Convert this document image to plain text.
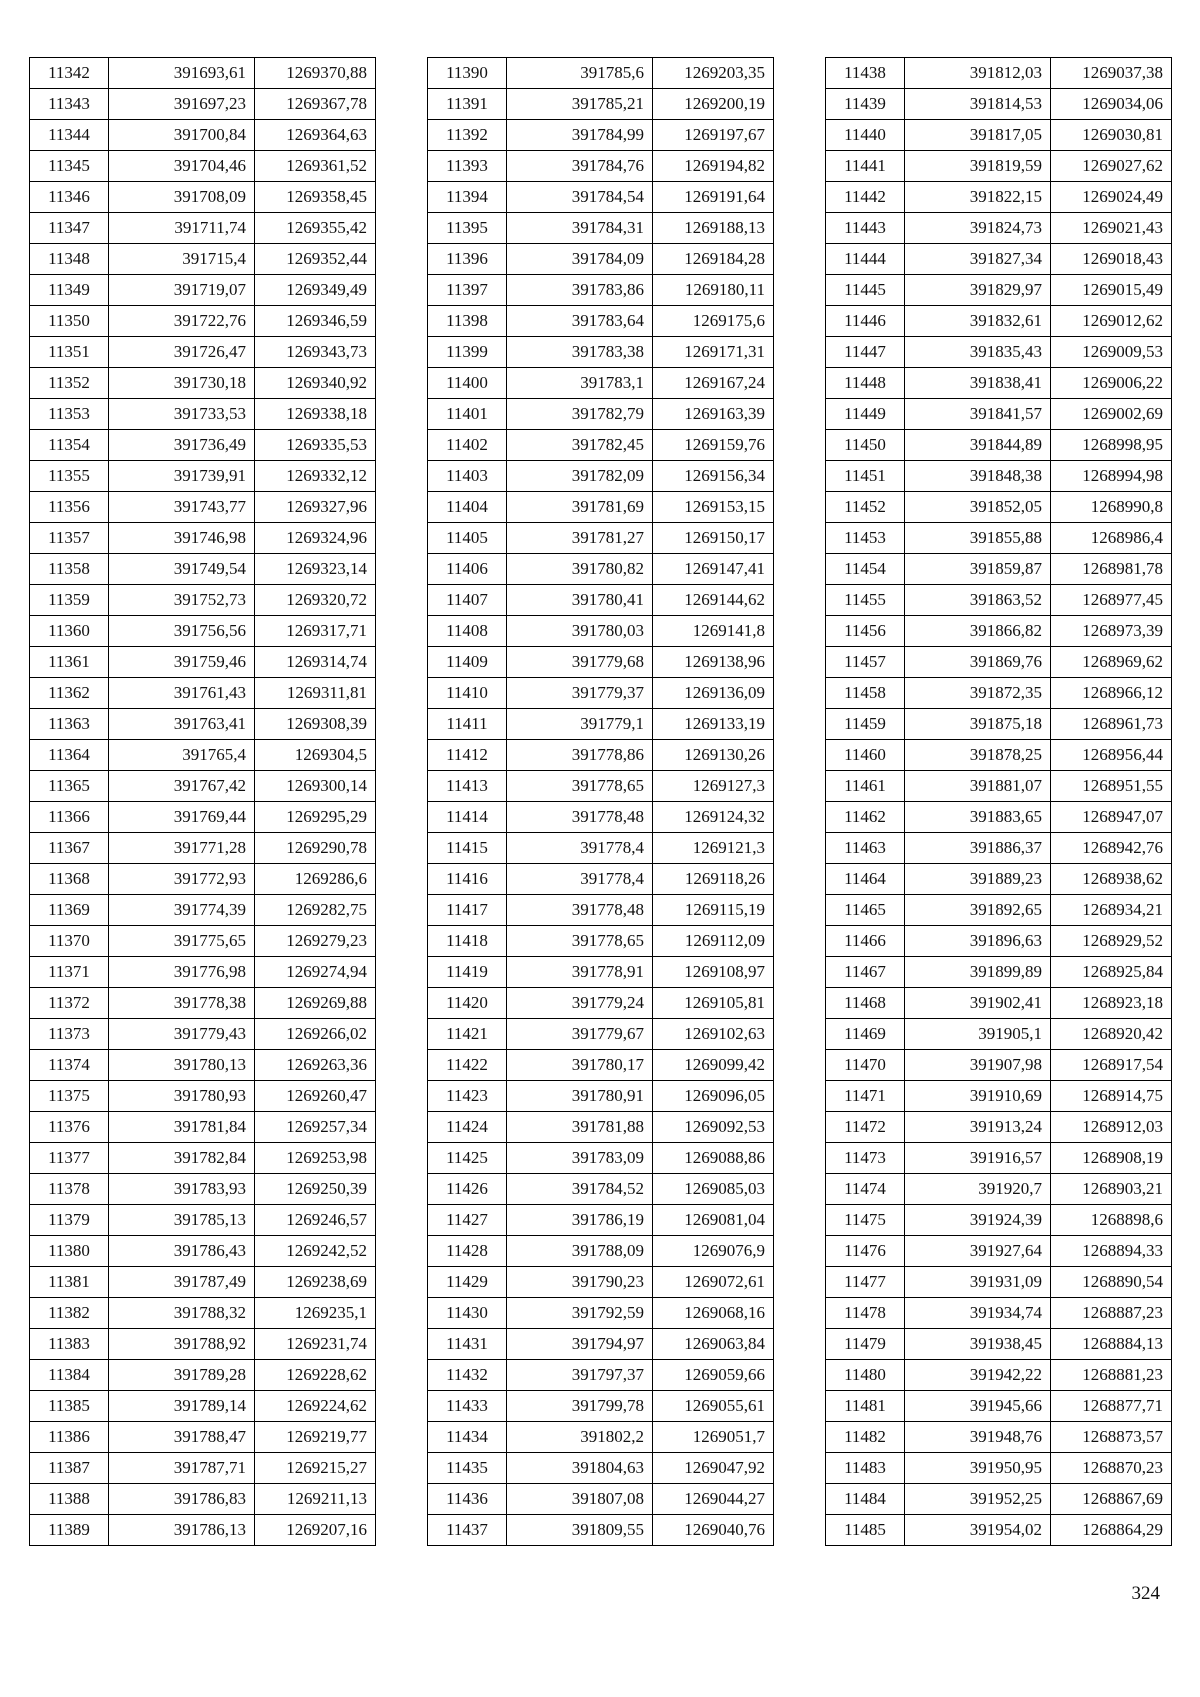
11342	391693,61	1269370,88
11343	391697,23	1269367,78
11344	391700,84	1269364,63
11345	391704,46	1269361,52
11346	391708,09	1269358,45
11347	391711,74	1269355,42
11348	391715,4	1269352,44
11349	391719,07	1269349,49
11350	391722,76	1269346,59
11351	391726,47	1269343,73
11352	391730,18	1269340,92
11353	391733,53	1269338,18
11354	391736,49	1269335,53
11355	391739,91	1269332,12
11356	391743,77	1269327,96
11357	391746,98	1269324,96
11358	391749,54	1269323,14
11359	391752,73	1269320,72
11360	391756,56	1269317,71
11361	391759,46	1269314,74
11362	391761,43	1269311,81
11363	391763,41	1269308,39
11364	391765,4	1269304,5
11365	391767,42	1269300,14
11366	391769,44	1269295,29
11367	391771,28	1269290,78
11368	391772,93	1269286,6
11369	391774,39	1269282,75
11370	391775,65	1269279,23
11371	391776,98	1269274,94
11372	391778,38	1269269,88
11373	391779,43	1269266,02
11374	391780,13	1269263,36
11375	391780,93	1269260,47
11376	391781,84	1269257,34
11377	391782,84	1269253,98
11378	391783,93	1269250,39
11379	391785,13	1269246,57
11380	391786,43	1269242,52
11381	391787,49	1269238,69
11382	391788,32	1269235,1
11383	391788,92	1269231,74
11384	391789,28	1269228,62
11385	391789,14	1269224,62
11386	391788,47	1269219,77
11387	391787,71	1269215,27
11388	391786,83	1269211,13
11389	391786,13	1269207,16
11390	391785,6	1269203,35
11391	391785,21	1269200,19
11392	391784,99	1269197,67
11393	391784,76	1269194,82
11394	391784,54	1269191,64
11395	391784,31	1269188,13
11396	391784,09	1269184,28
11397	391783,86	1269180,11
11398	391783,64	1269175,6
11399	391783,38	1269171,31
11400	391783,1	1269167,24
11401	391782,79	1269163,39
11402	391782,45	1269159,76
11403	391782,09	1269156,34
11404	391781,69	1269153,15
11405	391781,27	1269150,17
11406	391780,82	1269147,41
11407	391780,41	1269144,62
11408	391780,03	1269141,8
11409	391779,68	1269138,96
11410	391779,37	1269136,09
11411	391779,1	1269133,19
11412	391778,86	1269130,26
11413	391778,65	1269127,3
11414	391778,48	1269124,32
11415	391778,4	1269121,3
11416	391778,4	1269118,26
11417	391778,48	1269115,19
11418	391778,65	1269112,09
11419	391778,91	1269108,97
11420	391779,24	1269105,81
11421	391779,67	1269102,63
11422	391780,17	1269099,42
11423	391780,91	1269096,05
11424	391781,88	1269092,53
11425	391783,09	1269088,86
11426	391784,52	1269085,03
11427	391786,19	1269081,04
11428	391788,09	1269076,9
11429	391790,23	1269072,61
11430	391792,59	1269068,16
11431	391794,97	1269063,84
11432	391797,37	1269059,66
11433	391799,78	1269055,61
11434	391802,2	1269051,7
11435	391804,63	1269047,92
11436	391807,08	1269044,27
11437	391809,55	1269040,76
11438	391812,03	1269037,38
11439	391814,53	1269034,06
11440	391817,05	1269030,81
11441	391819,59	1269027,62
11442	391822,15	1269024,49
11443	391824,73	1269021,43
11444	391827,34	1269018,43
11445	391829,97	1269015,49
11446	391832,61	1269012,62
11447	391835,43	1269009,53
11448	391838,41	1269006,22
11449	391841,57	1269002,69
11450	391844,89	1268998,95
11451	391848,38	1268994,98
11452	391852,05	1268990,8
11453	391855,88	1268986,4
11454	391859,87	1268981,78
11455	391863,52	1268977,45
11456	391866,82	1268973,39
11457	391869,76	1268969,62
11458	391872,35	1268966,12
11459	391875,18	1268961,73
11460	391878,25	1268956,44
11461	391881,07	1268951,55
11462	391883,65	1268947,07
11463	391886,37	1268942,76
11464	391889,23	1268938,62
11465	391892,65	1268934,21
11466	391896,63	1268929,52
11467	391899,89	1268925,84
11468	391902,41	1268923,18
11469	391905,1	1268920,42
11470	391907,98	1268917,54
11471	391910,69	1268914,75
11472	391913,24	1268912,03
11473	391916,57	1268908,19
11474	391920,7	1268903,21
11475	391924,39	1268898,6
11476	391927,64	1268894,33
11477	391931,09	1268890,54
11478	391934,74	1268887,23
11479	391938,45	1268884,13
11480	391942,22	1268881,23
11481	391945,66	1268877,71
11482	391948,76	1268873,57
11483	391950,95	1268870,23
11484	391952,25	1268867,69
11485	391954,02	1268864,29
324
